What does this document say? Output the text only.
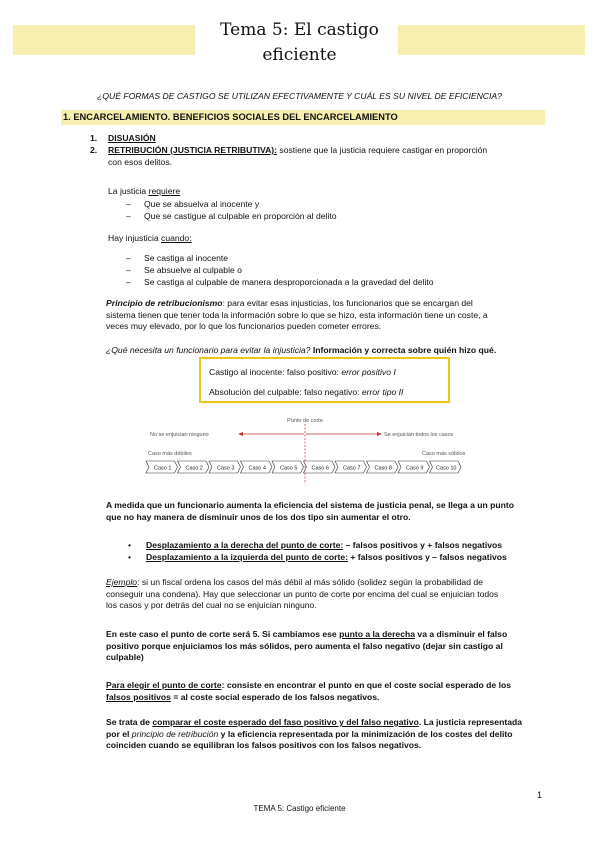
Tema 5: El castigo
eficiente
¿QUÉ FORMAS DE CASTIGO SE UTILIZAN EFECTIVAMENTE Y CUÁL ES SU NIVEL DE EFICIENCIA?
1. ENCARCELAMIENTO. BENEFICIOS SOCIALES DEL ENCARCELAMIENTO
1. DISUASIÓN
2. RETRIBUCIÓN (JUSTICIA RETRIBUTIVA): sostiene que la justicia requiere castigar en proporción
con esos delitos.
La justicia requiere
– Que se absuelva al inocente y
– Que se castigue al culpable en proporción al delito
Hay injusticia cuando:
– Se castiga al inocente
– Se absuelve al culpable o
– Se castiga al culpable de manera desproporcionada a la gravedad del delito
Principio de retribucionismo: para evitar esas injusticias, los funcionarios que se encargan del
sistema tienen que tener toda la información sobre lo que se hizo, esta información tiene un coste, a
veces muy elevado, por lo que los funcionarios pueden cometer errores.
¿Qué necesita un funcionario para evitar la injusticia? Información y correcta sobre quién hizo qué.
Castigo al inocente: falso positivo: error positivo I
Absolución del culpable: falso negativo: error tipo II
Punto de corte
No se enjuician ninguno	Se enjuician todos los casos
Caso más débiles	Caso más sólidos
Caso 1	Caso 2	Caso 3	Caso 4	Caso 5	Caso 6	Caso 7	Caso 8	Caso 9 Caso 10
A medida que un funcionario aumenta la eficiencia del sistema de justicia penal, se llega a un punto
que no hay manera de disminuir unos de los dos tipo sin aumentar el otro.
• Desplazamiento a la derecha del punto de corte: – falsos positivos y + falsos negativos
• Desplazamiento a la izquierda del punto de corte: + falsos positivos y – falsos negativos
Ejemplo: si un fiscal ordena los casos del más débil al más sólido (solidez según la probabilidad de
conseguir una condena). Hay que seleccionar un punto de corte por encima del cual se enjuician todos
los casos y por detrás del cual no se enjuician ninguno.
En este caso el punto de corte será 5. Si cambiamos ese punto a la derecha va a disminuir el falso
positivo porque enjuiciamos los más sólidos, pero aumenta el falso negativo (dejar sin castigo al
culpable)
Para elegir el punto de corte: consiste en encontrar el punto en que el coste social esperado de los
falsos positivos = al coste social esperado de los falsos negativos.
Se trata de comparar el coste esperado del faso positivo y del falso negativo. La justicia representada
por el principio de retribución y la eficiencia representada por la minimización de los costes del delito
coinciden cuando se equilibran los falsos positivos con los falsos negativos.
1
TEMA 5: Castigo eficiente
